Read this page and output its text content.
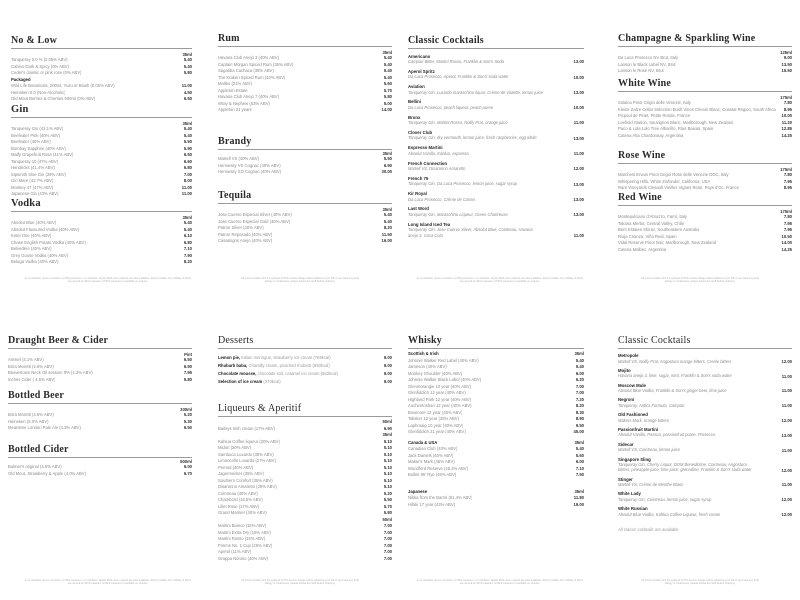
No & Low
35ml
Tanqueray 0.0 % (0.05% ABV)	5.40
Cabino Dark & Spicy (0% ABV)	5.40
Ceder's classic or pink rose (0% ABV)	5.80
Packaged
Wild Life Botanicals, 200ml, Yuzu or Blush (0.05% ABV)	11.00
Heineken 0.0 (Non-Alcoholic)	4.50
Old Mout Berries & Cherries 500ml (0% ABV)	6.50
Gin
35ml
Tanqueray Gin (43.1% ABV)	5.40
Beefeater Pink (40% ABV)	5.40
Beefeater (40% ABV)	5.50
Bombay Sapphire (40% ABV)	5.90
Malfy Grapefruit Rosa (41% ABV)	6.50
Tanqueray 10 (47% ABV)	6.60
Hendricks (41.4% ABV)	6.80
Sipsmith Sloe Gin (29% ABV)	7.00
Gin Mare (42.7% ABV)	8.00
Monkey 47 (47% ABV)	11.00
Japanese Gin (43% ABV)	11.00
Vodka
35ml
Absolut Blue (40% ABV)	5.40
Absolut Flavoured Vodka (40% ABV)	5.40
Ketel One (40% ABV)	6.10
Chase English Potato Vodka (40% ABV)	6.80
Belvedere (40% ABV)	7.10
Grey Goose Vodka (40% ABV)	7.90
Beluga Vodka (40% ABV)	8.20
As a standard, price is served in a 25ml measure, or in doubles. Spirits 35ml upon request are also available. Spirits (Vodka, Gin, Whisky & Rum) are served as 35ml measure. A 50ml measure is available on request.
Rum
35ml
Havana Club Anejo 3 (40% ABV)	5.40
Captain Morgan Spiced Rum (35% ABV)	5.40
Sagatiba Cachaca (38% ABV)	5.40
The Kraken Spiced Rum (40% ABV)	5.40
Malibu (21% ABV)	5.60
Appleton Estate	5.70
Havana Club Anejo 7 (40% ABV)	5.80
Wray & Nephew (63% ABV)	5.00
Appleton 21 years	14.00
Brandy
35ml
Martell VS (40% ABV)	5.50
Hennessy VS Cognac (40% ABV)	6.90
Hennessy XO Cognac (40% ABV)	30.00
Tequila
35ml
Jose Cuervo Especial Silver (40% ABV)	5.40
Jose Cuervo Especial Gold (40% ABV)	5.40
Patron Silver (40% ABV)	8.20
Patron Reposado (40% ABV)	11.50
Casamigos Anejo (40% ABV)	16.00
All prices include VAT. An optional 12.5% service charge will be added to your bill. If you have any food allergy or intolerance, please advise the staff before ordering.
Classic Cocktails
Americano
Campari Bitter, Martini Rosso, Franklin & Son's Soda	13.00
Aperol Spritz
Da Luca Prosecco, Aperol, Franklin & Son's soda water	10.00
Aviation
Tanqueray Gin, Luxardo maraschino liquor, Crème de Violette, lemon juice	13.00
Bellini
Da Luca Prosecco, peach liqueur, peach puree	10.00
Bronx
Tanqueray Gin, Martini Rosso, Noilly Prat, orange juice	11.00
Clover Club
Tanqueray Gin, dry vermouth, lemon juice, fresh raspberries, egg white	13.00
Espresso Martini
Absolut Vanilla, Kahlua, espresso	11.00
French Connection
Martell VS, Disaronno Amaretto	12.00
French 75
Tanqueray Gin, Da Luca Prosecco, lemon juice, sugar syrup	13.00
Kir Royal
Da Luca Prosecco, Crème de Cassis	13.00
Last Word
Tanqueray Gin, Maraschino Liqueur, Green Chartreuse	13.00
Long Island Iced Tea
Tanqueray Gin, Jose Cuervo Silver, Absolut Blue, Cointreau, Havana anejo 3, Coca Cola	11.00
As a standard, price is served in a 25ml measure, or in doubles. Spirits 35ml upon request are also available. Spirits (Vodka, Gin, Whisky & Rum) are served as 35ml measure. A 50ml measure is available on request.
Champagne & Sparkling Wine
125ml
Da Luca Prosecco NV Brut, Italy	9.00
Lanson le Black Label NV, Brut	13.50
Lanson le Rosé NV, Brut	15.50
White Wine
175ml
Solalca Pinot Grigio delle Venezie, Italy	7.80
Kleine Zalze Cellar Selection Bush Vines Chenin Blanc, Coastal Region, South Africa	8.95
Picpoul de Pinet, Petite Ronde, France	10.00
Leefield Station, Sauvignon Blanc, Marlborough, New Zealand	11.20
Paco & Lola Lolo Tree Albariño, Rías Baixas, Spain	12.85
Catena Alta Chardonnay, Argentina	14.25
Rose Wine
175ml
Marchesi Ervani Pinot Grigio Rose delle Venezie DOC, Italy	7.80
Whispering Hills, White Zinfandel, California, USA	7.95
Rare Vineyards Cinsault Vieilles Vignes Rosé, Pays d'Oc, France	8.95
Red Wine
175ml
Montepulciano d'Abruzzo, Farnì, Italy	7.80
Takana Merlot, Central Valley, Chile	7.95
Berri Estates Shiraz, Southeastern Australia	7.95
Rioja Crianza, Viña Real, Spain	10.50
Vidal Reserve Pinot Noir, Marlborough, New Zealand	14.00
Catena Malbec, Argentina	14.25
All prices include VAT. An optional 12.5% service charge will be added to your bill. If you have any food allergy or intolerance, please advise the staff before ordering.
Draught Beer & Cider
Pint
Amstel (4.1% ABV)	6.50
Birra Moretti (4.6% ABV)	6.90
Beavertown Neck Oil session IPA (4.3% ABV)	7.95
Inches Cider ( 4.5% ABV)	5.80
Bottled Beer
330ml
Birra Moretti (4.6% ABV)	5.20
Heineken (5.0% ABV)	5.30
Meantime London Pale Ale (4.3% ABV)	6.50
Bottled Cider
500ml
Bulmer's original (4.5% ABV)	6.00
Old Mout, Strawberry & Apple (4.0% ABV)	6.70
As a standard, price is served in a 25ml measure, or in doubles. Spirits 35ml upon request are also available. Spirits (Vodka, Gin, Whisky & Rum) are served as 35ml measure. A 50ml measure is available on request.
Desserts
Lemon pie, Italian meringue, strawberry ice cream (769kcal)	9.00
Rhubarb baba, Chantilly cream, poached rhubarb (893kcal)	9.00
Chocolate mousse, chocolate soil, caramel ice cream (582kcal)	9.00
Selection of ice cream (370kcal)	9.00
Liqueurs & Aperitif
50ml
Baileys Irish cream (17% ABV)	6.90
35ml
Kahlua Coffee liqueur (20% ABV)	5.10
Midori (20% ABV)	5.10
Sambuca Luxardo (38% ABV)	5.10
Limoncello Luxardo (27% ABV)	5.10
Pernod (40% ABV)	5.10
Jagermeister (35% ABV)	5.10
Southern Comfort (35% ABV)	5.10
Disaronno Amaretto (28% ABV)	5.10
Cointreau (40% ABV)	5.20
Chambord (16.5% ABV)	5.50
Lillet Rose (17% ABV)	5.70
Grand Marnier (40% ABV)	5.80
50ml
Martini Bianco (15% ABV)	7.00
Martini Extra Dry (15% ABV)	7.00
Martini Rosso (15% ABV)	7.00
Pimms No. 1 Cup (25% ABV)	7.00
Aperol (11% ABV)	7.00
Grappa Nonino (40% ABV)	7.00
All prices include VAT. An optional 12.5% service charge will be added to your bill. If you have any food allergy or intolerance, please advise the staff before ordering.
Whisky
Scottish & Irish	35ml
Johnnie Walker Red Label (40% ABV)	5.40
Jameson (40% ABV)	5.40
Monkey Shoulder (40% ABV)	6.00
Johnnie Walker Black Label (40% ABV)	6.20
Glenmorangie 10 year (40% ABV)	7.00
Glenfiddich 12 year (40% ABV)	7.00
Highland Park 12 year (40% ABV)	7.20
Auchentoshan 12 year (40% ABV)	8.20
Bowmore 12 year (40% ABV)	8.30
Talisker 10 year (45% ABV)	8.90
Laphroaig 10 year (40% ABV)	9.50
Glenfiddich 21 year (40% ABV)	45.00
Canada & USA	35ml
Canadian Club (40% ABV)	5.40
Jack Daniels (40% ABV)	5.60
Maker's Mark (45% ABV)	6.00
Woodford Reserve (45.2% ABV)	7.10
Bulleit 95' Rye (45% ABV)	7.50
Japanese	35ml
Nikka from the Barrel (51.4% ABV)	11.80
Hibiki 17 year (43% ABV)	19.00
As a standard, price is served in a 25ml measure, or in doubles. Spirits 35ml upon request are also available. Spirits (Vodka, Gin, Whisky & Rum) are served as 35ml measure. A 50ml measure is available on request.
Classic Cocktails
Metropole
Martell VS, Noilly Prat, Angostura orange bitters, Creole bitters	12.00
Mojito
Havana anejo 3, lime, sugar, mint, Franklin & Son's soda water	11.00
Moscow Mule
Absolut Blue Vodka, Franklin & Son's ginger beer, lime juice	11.00
Negroni
Tanqueray, Antica Formula, Campari	11.00
Old Fashioned
Makers Mark, orange bitters	12.00
Passionfruit Martini
Absolut Vanilla, Passoa, passionfruit puree, Prosecco	13.00
Sidecar
Martell VS, Cointreau, lemon juice	11.00
Singapore Sling
Tanqueray Gin, Cherry Liquor, DOM Benedictine, Cointreau, Angostura bitters, pineapple juice, lime juice, grenadine, Franklin & Son's soda water	12.00
Stinger
Martell VS, Crème de Menthe Blanc	11.00
White Lady
Tanqueray Gin, Cointreau, lemon juice, sugar syrup	12.00
White Russian
Absolut Blue Vodka, Kahlua Coffee Liqueur, fresh cream	12.00
All classic cocktails are available
All prices include VAT. An optional 12.5% service charge will be added to your bill. If you have any food allergy or intolerance, please advise the staff before ordering.
